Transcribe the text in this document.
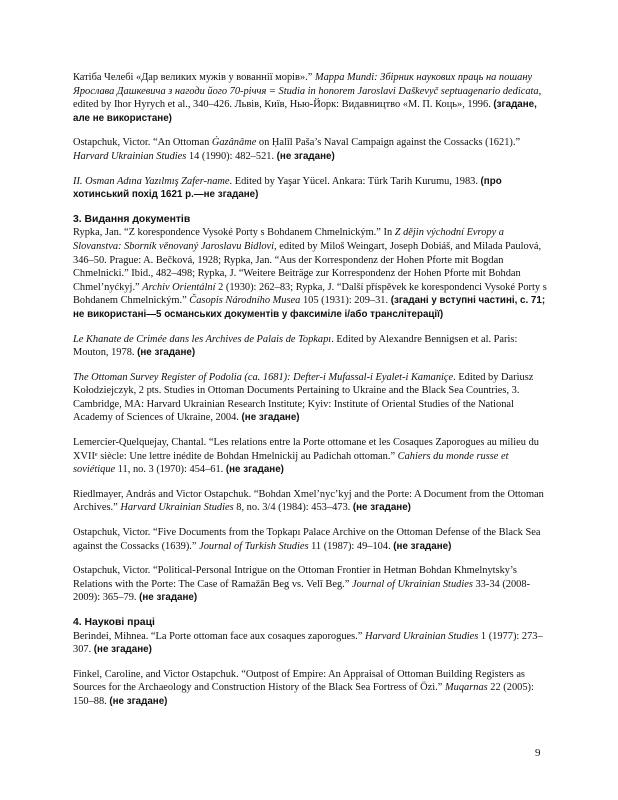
Катіба Челебі «Дар великих мужів у вованнії морів».” Mappa Mundi: Збірник наукових праць на пошану Ярослава Дашкевича з нагоди його 70-річчя = Studia in honorem Jaroslavi Daškevyč septuagenario dedicata, edited by Ihor Hyrych et al., 340–426. Львів, Київ, Нью-Йорк: Видавництво «М. П. Коць», 1996. (згадане, але не використане)

Ostapchuk, Victor. “An Ottoman Ġazânâme on Ḥalīl Paša’s Naval Campaign against the Cossacks (1621).” Harvard Ukrainian Studies 14 (1990): 482–521. (не згадане)

II. Osman Adına Yazılmış Zafer-name. Edited by Yaşar Yücel. Ankara: Türk Tarih Kurumu, 1983. (про хотинський похід 1621 р.—не згадане)

3. Видання документів

Rypka, Jan. “Z korespondence Vysoké Porty s Bohdanem Chmelnickým.” In Z dějin východní Evropy a Slovanstva: Sborník věnovaný Jaroslavu Bidlovi, edited by Miloš Weingart, Joseph Dobiáš, and Milada Paulová, 346–50. Prague: A. Bečková, 1928; Rypka, Jan. “Aus der Korrespondenz der Hohen Pforte mit Bogdan Chmelnicki.” Ibid., 482–498; Rypka, J. “Weitere Beiträge zur Korrespondenz der Hohen Pforte mit Bohdan Chmel’nyćkyj.” Archiv Orientální 2 (1930): 262–83; Rypka, J. “Další příspěvek ke korespondenci Vysoké Porty s Bohdanem Chmelnickým.” Časopis Národního Musea 105 (1931): 209–31. (згадані у вступні частині, с. 71; не використані—5 османських документів у факсиміле і/або транслітерації)

Le Khanate de Crimée dans les Archives de Palais de Topkapı. Edited by Alexandre Bennigsen et al. Paris: Mouton, 1978. (не згадане)

The Ottoman Survey Register of Podolia (ca. 1681): Defter-i Mufassal-i Eyalet-i Kamaniçe. Edited by Dariusz Kołodziejczyk, 2 pts. Studies in Ottoman Documents Pertaining to Ukraine and the Black Sea Countries, 3. Cambridge, MA: Harvard Ukrainian Research Institute; Kyiv: Institute of Oriental Studies of the National Academy of Sciences of Ukraine, 2004. (не згадане)

Lemercier-Quelquejay, Chantal. “Les relations entre la Porte ottomane et les Cosaques Zaporogues au milieu du XVIIᵉ siècle: Une lettre inédite de Bohdan Hmelnickij au Padichah ottoman.” Cahiers du monde russe et soviétique 11, no. 3 (1970): 454–61. (не згадане)

Riedlmayer, András and Victor Ostapchuk. “Bohdan Xmel’nyc’kyj and the Porte: A Document from the Ottoman Archives.” Harvard Ukrainian Studies 8, no. 3/4 (1984): 453–473. (не згадане)

Ostapchuk, Victor. “Five Documents from the Topkapı Palace Archive on the Ottoman Defense of the Black Sea against the Cossacks (1639).” Journal of Turkish Studies 11 (1987): 49–104. (не згадане)

Ostapchuk, Victor. “Political-Personal Intrigue on the Ottoman Frontier in Hetman Bohdan Khmelnytsky’s Relations with the Porte: The Case of Ramažān Beg vs. Velī Beg.” Journal of Ukrainian Studies 33-34 (2008-2009): 365–79. (не згадане)

4. Наукові праці

Berindei, Mihnea. “La Porte ottoman face aux cosaques zaporogues.” Harvard Ukrainian Studies 1 (1977): 273–307. (не згадане)

Finkel, Caroline, and Victor Ostapchuk. “Outpost of Empire: An Appraisal of Ottoman Building Registers as Sources for the Archaeology and Construction History of the Black Sea Fortress of Özi.” Muqarnas 22 (2005): 150–88. (не згадане)

9
